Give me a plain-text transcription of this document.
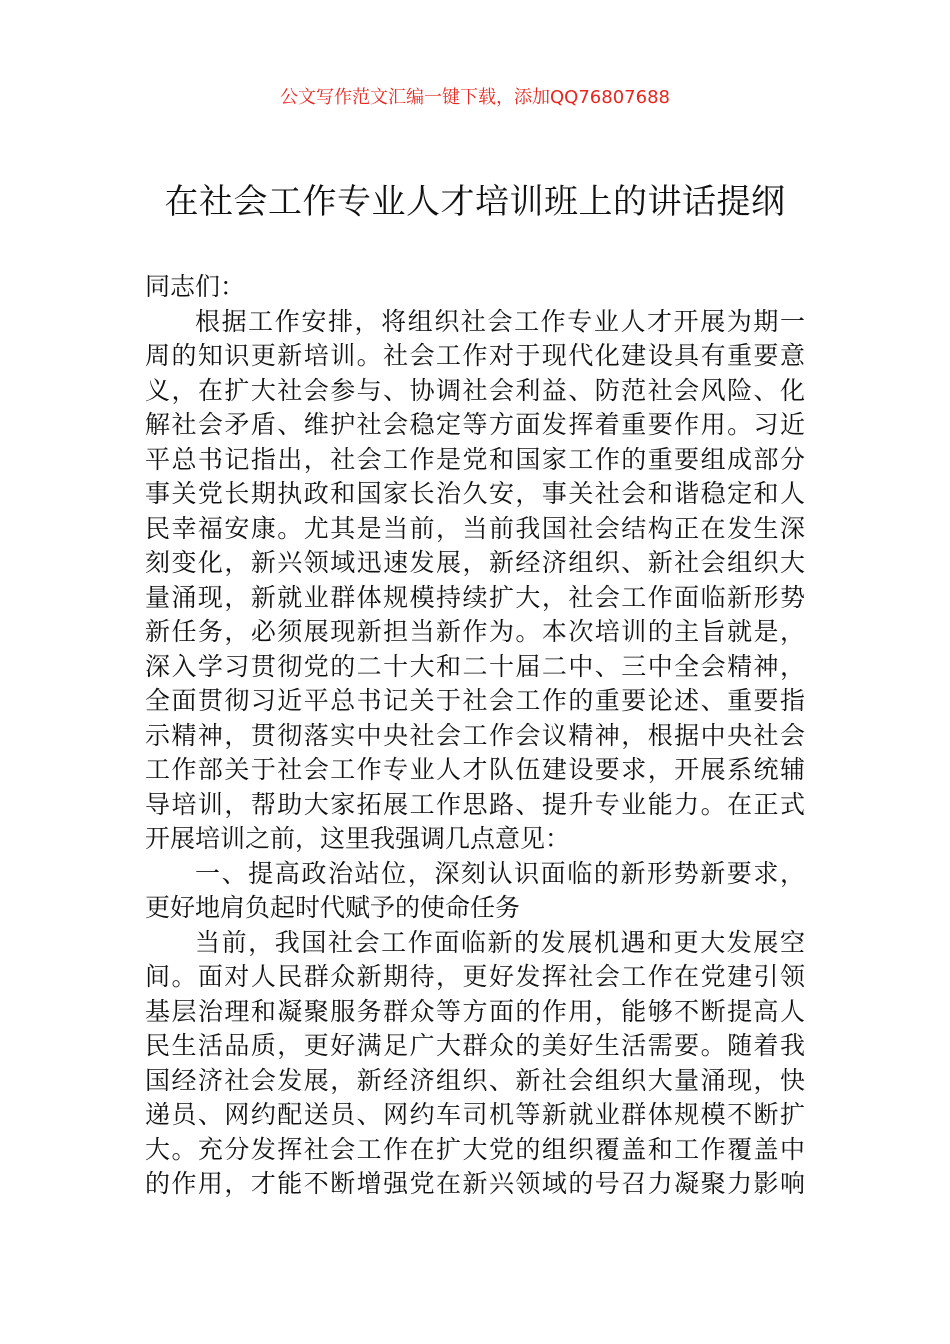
公文写作范文汇编一键下载，添加QQ76807688
在社会工作专业人才培训班上的讲话提纲
同志们：
根据工作安排，将组织社会工作专业人才开展为期一
周的知识更新培训。社会工作对于现代化建设具有重要意
义，在扩大社会参与、协调社会利益、防范社会风险、化
解社会矛盾、维护社会稳定等方面发挥着重要作用。习近
平总书记指出，社会工作是党和国家工作的重要组成部分
事关党长期执政和国家长治久安，事关社会和谐稳定和人
民幸福安康。尤其是当前，当前我国社会结构正在发生深
刻变化，新兴领域迅速发展，新经济组织、新社会组织大
量涌现，新就业群体规模持续扩大，社会工作面临新形势
新任务，必须展现新担当新作为。本次培训的主旨就是，
深入学习贯彻党的二十大和二十届二中、三中全会精神，
全面贯彻习近平总书记关于社会工作的重要论述、重要指
示精神，贯彻落实中央社会工作会议精神，根据中央社会
工作部关于社会工作专业人才队伍建设要求，开展系统辅
导培训，帮助大家拓展工作思路、提升专业能力。在正式
开展培训之前，这里我强调几点意见：
一、提高政治站位，深刻认识面临的新形势新要求，
更好地肩负起时代赋予的使命任务
当前，我国社会工作面临新的发展机遇和更大发展空
间。面对人民群众新期待，更好发挥社会工作在党建引领
基层治理和凝聚服务群众等方面的作用，能够不断提高人
民生活品质，更好满足广大群众的美好生活需要。随着我
国经济社会发展，新经济组织、新社会组织大量涌现，快
递员、网约配送员、网约车司机等新就业群体规模不断扩
大。充分发挥社会工作在扩大党的组织覆盖和工作覆盖中
的作用，才能不断增强党在新兴领域的号召力凝聚力影响
